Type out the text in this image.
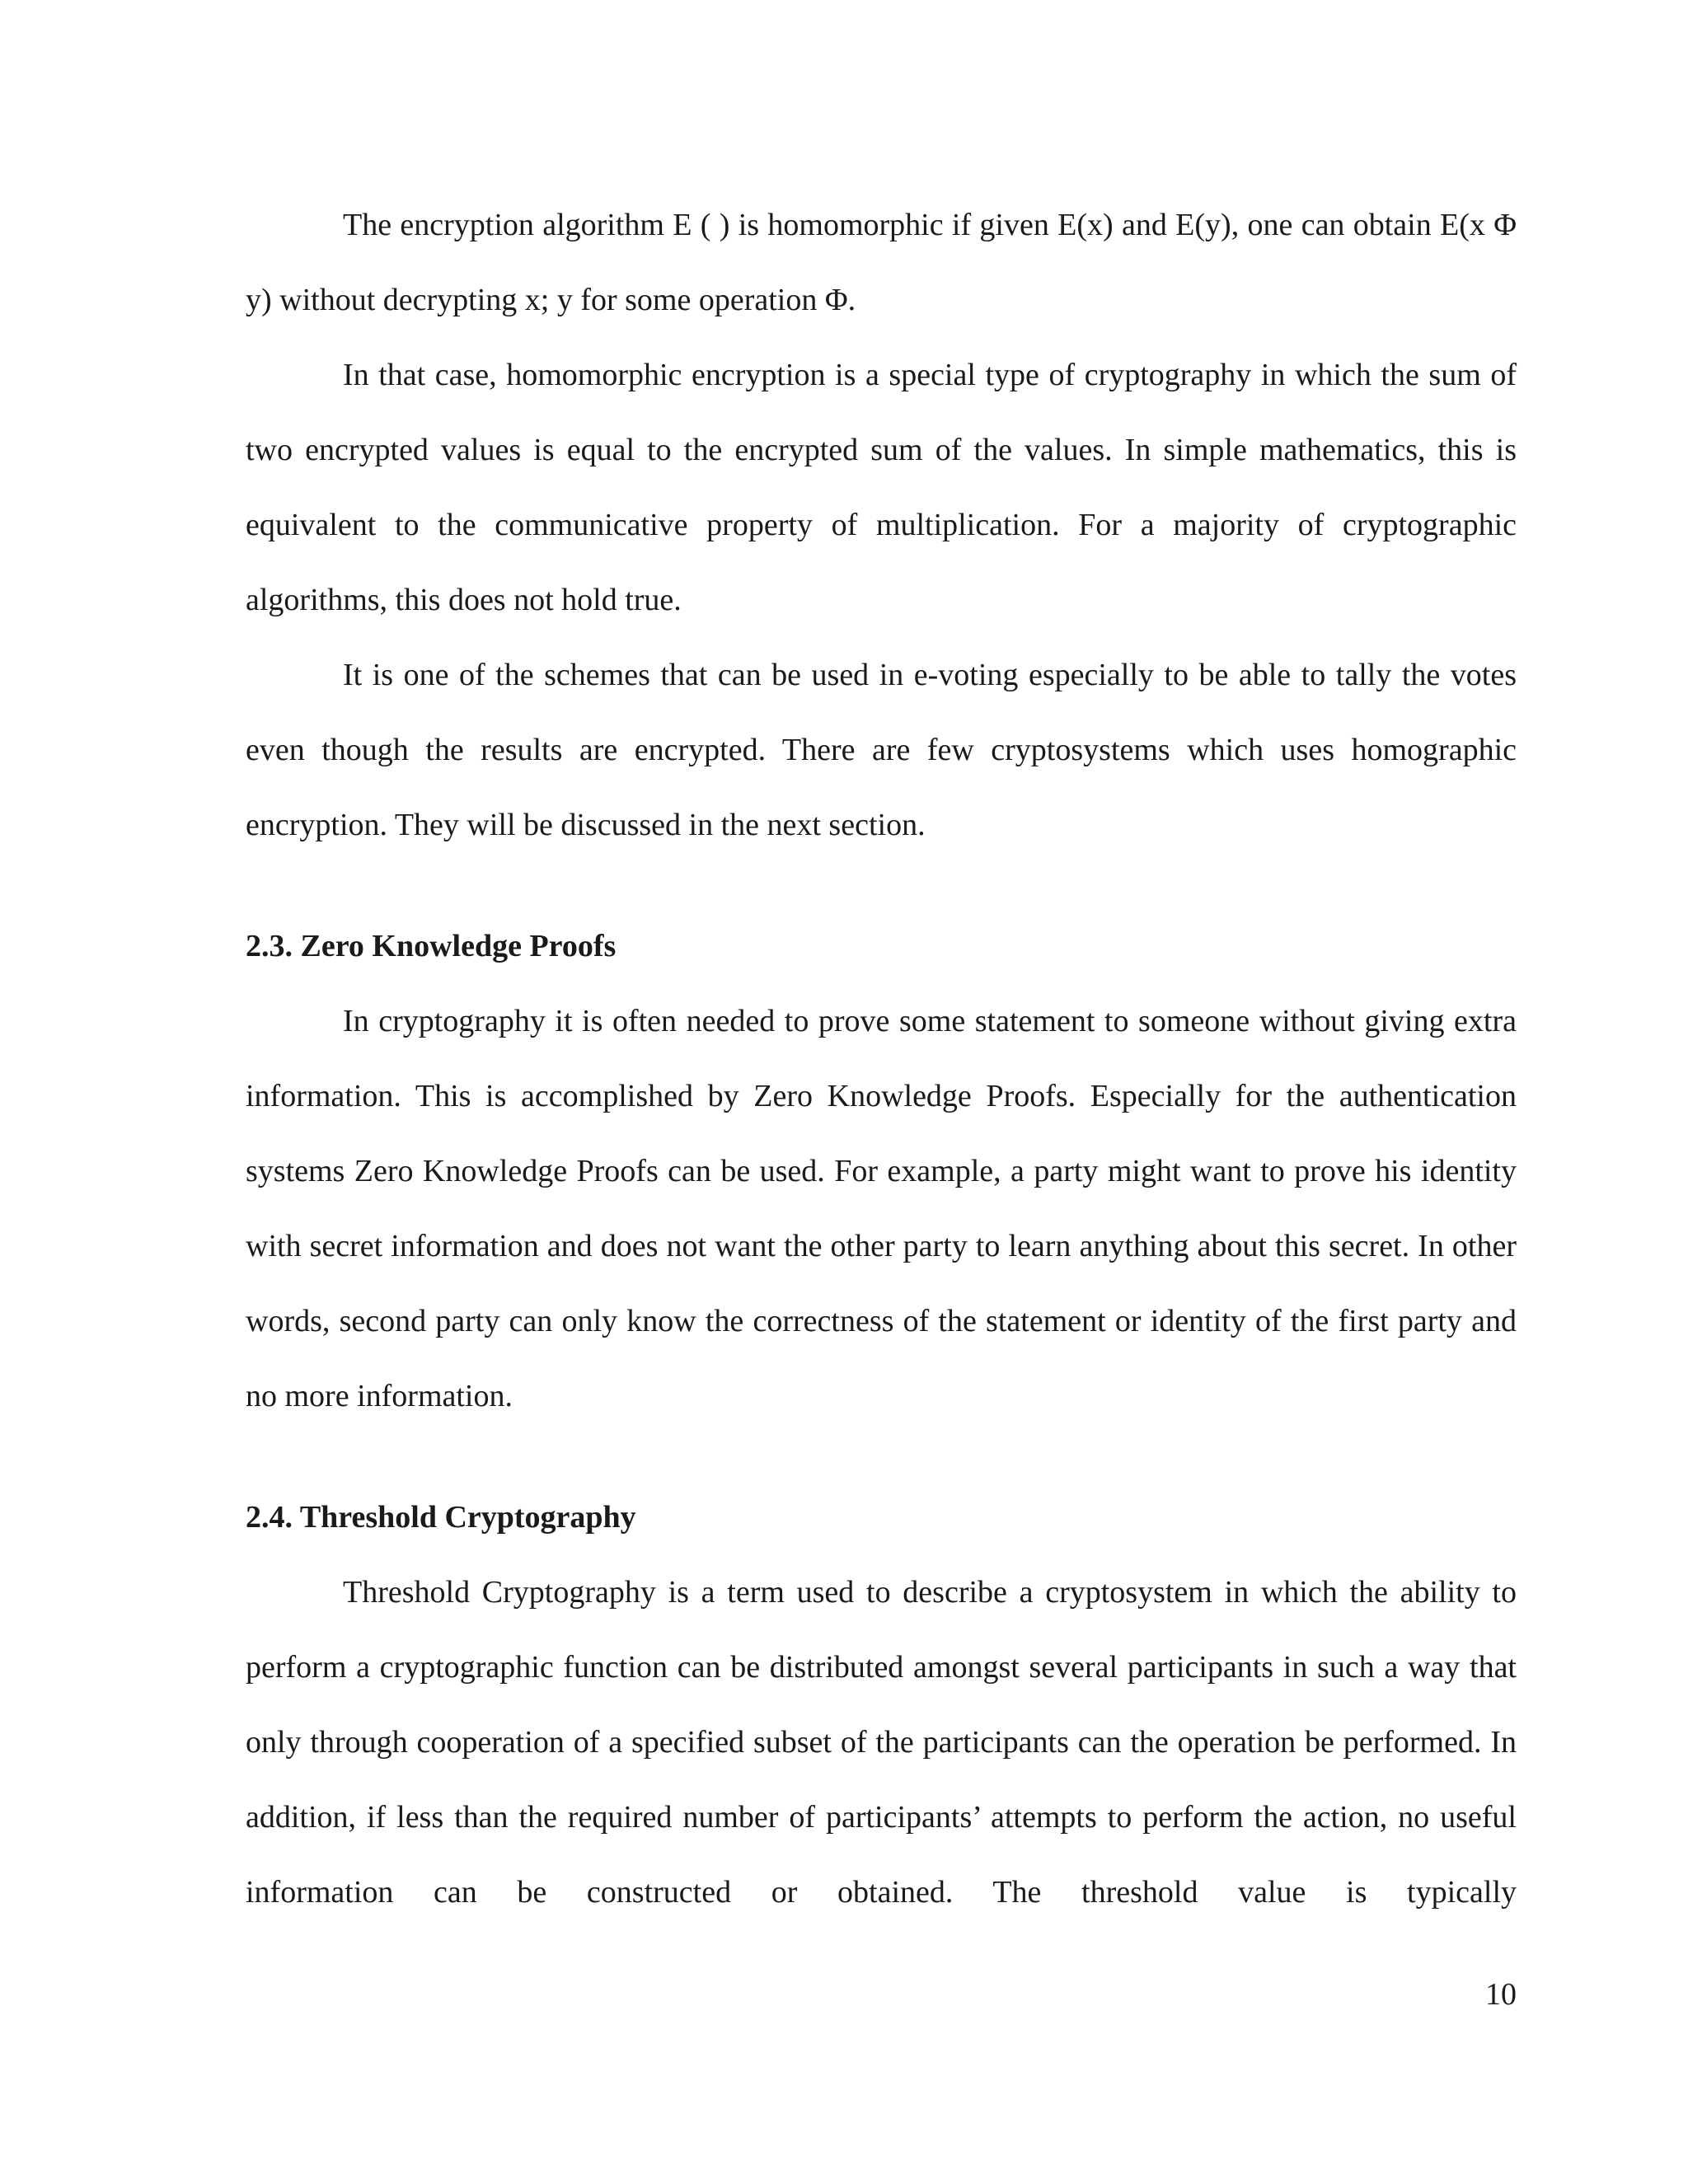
The encryption algorithm E ( ) is homomorphic if given E(x) and E(y), one can obtain E(x Φ y) without decrypting x; y for some operation Φ.

In that case, homomorphic encryption is a special type of cryptography in which the sum of two encrypted values is equal to the encrypted sum of the values. In simple mathematics, this is equivalent to the communicative property of multiplication. For a majority of cryptographic algorithms, this does not hold true.

It is one of the schemes that can be used in e-voting especially to be able to tally the votes even though the results are encrypted. There are few cryptosystems which uses homographic encryption. They will be discussed in the next section.

2.3. Zero Knowledge Proofs

In cryptography it is often needed to prove some statement to someone without giving extra information. This is accomplished by Zero Knowledge Proofs. Especially for the authentication systems Zero Knowledge Proofs can be used. For example, a party might want to prove his identity with secret information and does not want the other party to learn anything about this secret. In other words, second party can only know the correctness of the statement or identity of the first party and no more information.

2.4. Threshold Cryptography

Threshold Cryptography is a term used to describe a cryptosystem in which the ability to perform a cryptographic function can be distributed amongst several participants in such a way that only through cooperation of a specified subset of the participants can the operation be performed. In addition, if less than the required number of participants’ attempts to perform the action, no useful information can be constructed or obtained. The threshold value is typically

10
